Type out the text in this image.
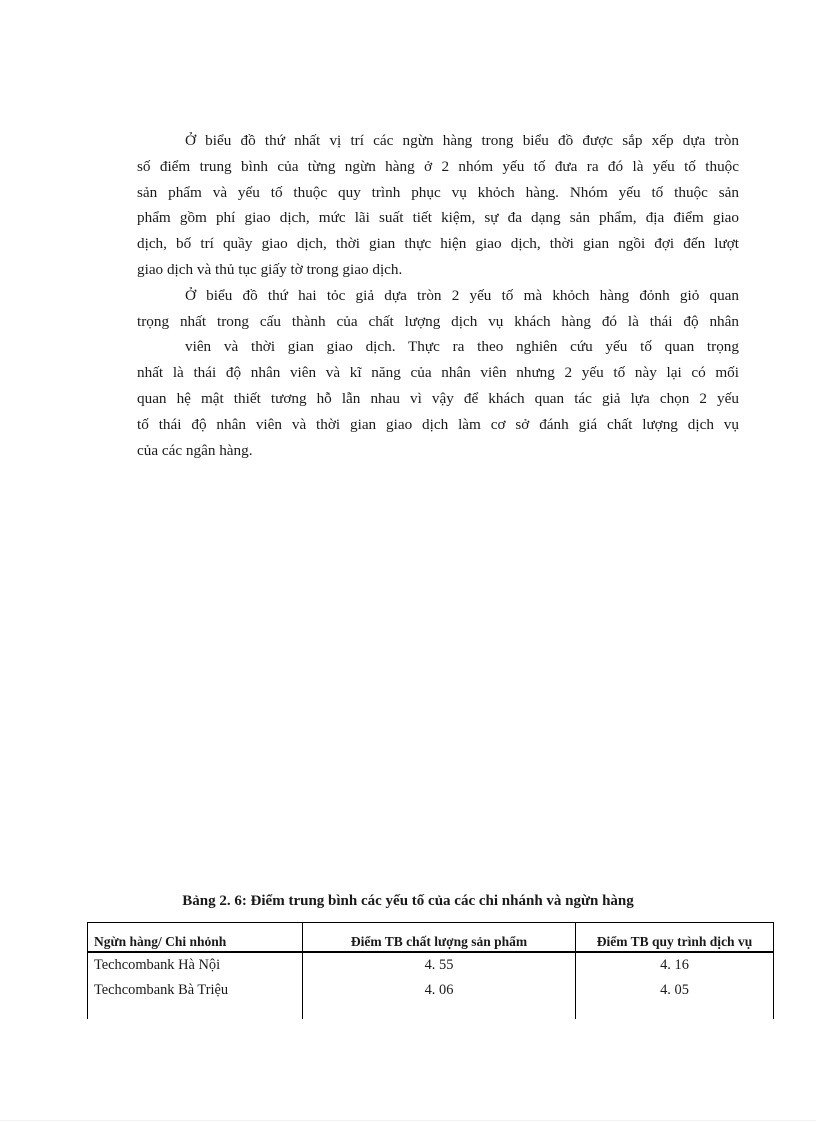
Ở biểu đồ thứ nhất vị trí các ngừn hàng trong biểu đồ được sắp xếp dựa tròn
số điểm trung bình của từng ngừn hàng ở 2 nhóm yếu tố đưa ra đó là yếu tố thuộc
sản phẩm và yếu tố thuộc quy trình phục vụ khỏch hàng. Nhóm yếu tố thuộc sản
phẩm gồm phí giao dịch, mức lãi suất tiết kiệm, sự đa dạng sản phẩm, địa điểm giao
dịch, bố trí quầy giao dịch, thời gian thực hiện giao dịch, thời gian ngồi đợi đến lượt
giao dịch và thủ tục giấy tờ trong giao dịch.
Ở biểu đồ thứ hai tỏc giả dựa tròn 2 yếu tố mà khỏch hàng đỏnh giỏ quan
trọng nhất trong cấu thành của chất lượng dịch vụ khách hàng đó là thái độ nhân
viên và thời gian giao dịch. Thực ra theo nghiên cứu yếu tố quan trọng
nhất là thái độ nhân viên và kĩ năng của nhân viên nhưng 2 yếu tố này lại có mối
quan hệ mật thiết tương hỗ lẫn nhau vì vậy để khách quan tác giả lựa chọn 2 yếu
tố thái độ nhân viên và thời gian giao dịch làm cơ sở đánh giá chất lượng dịch vụ
của các ngân hàng.
Bảng 2. 6: Điểm trung bình các yếu tố của các chi nhánh và ngừn hàng
Ngừn hàng/ Chi nhỏnh	Điểm TB chất lượng sản phẩm	Điểm TB quy trình dịch vụ
Techcombank Hà Nội	4. 55	4. 16
Techcombank Bà Triệu	4. 06	4. 05
